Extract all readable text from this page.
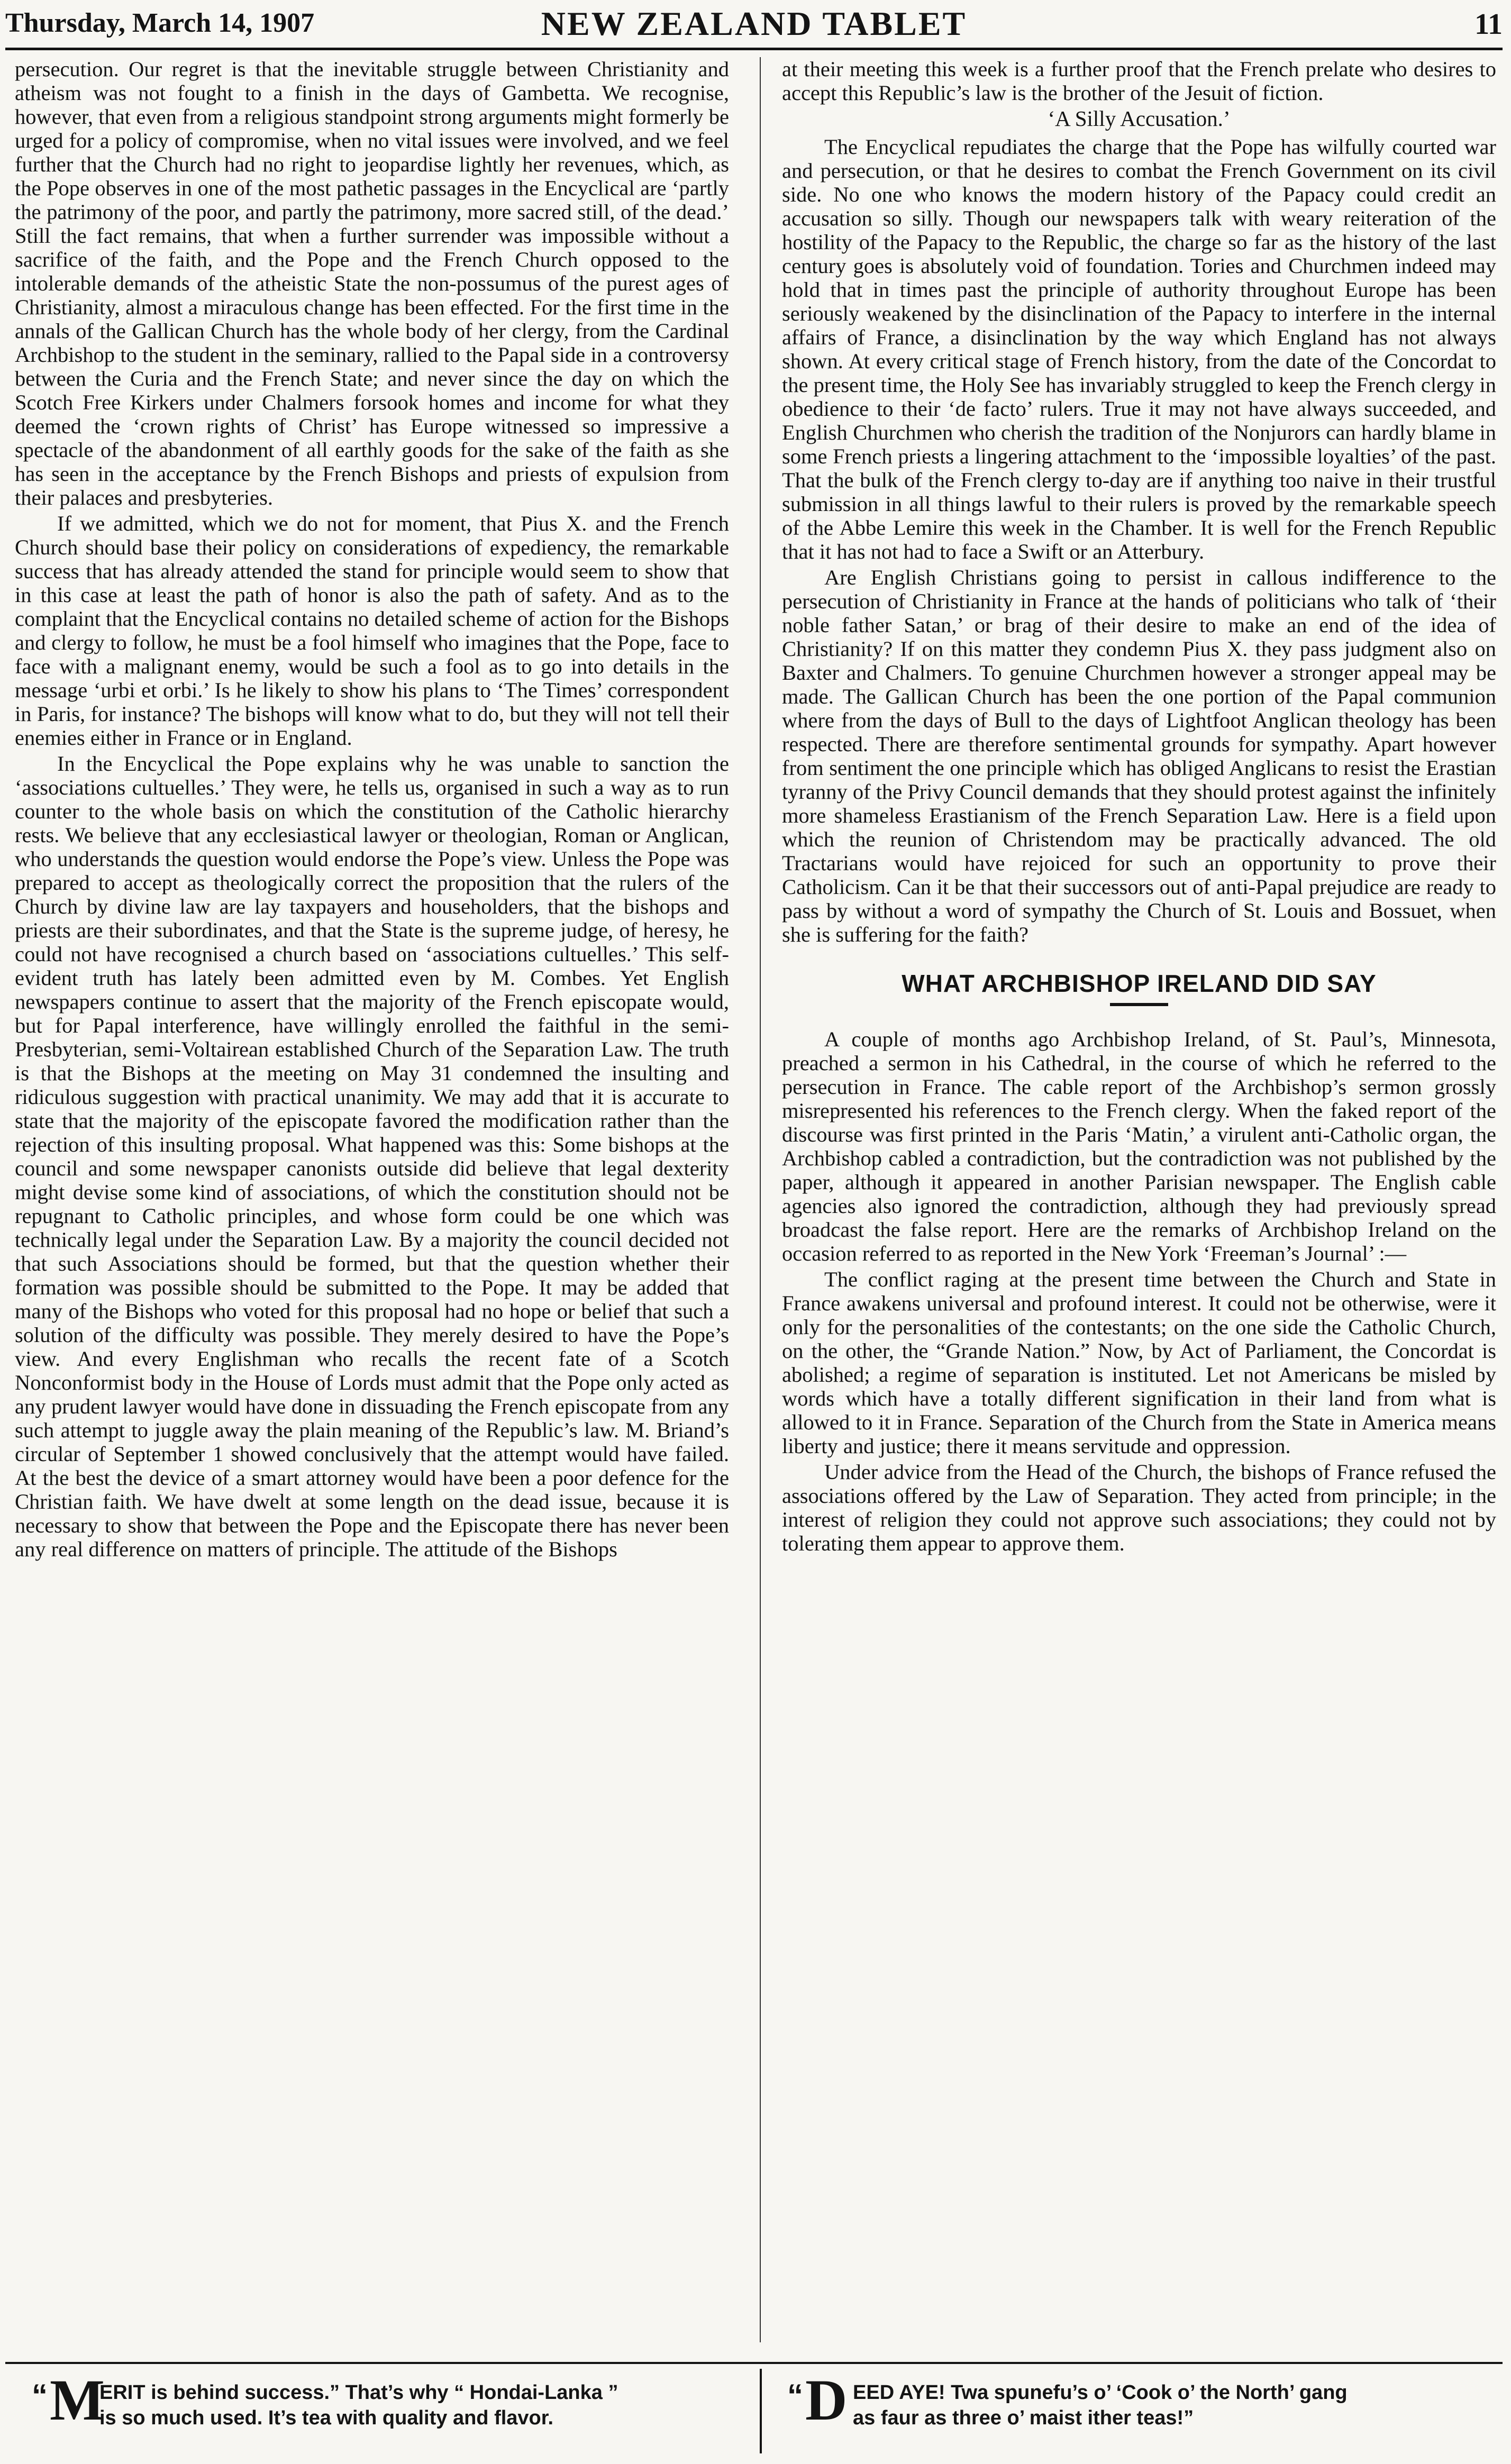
Thursday, March 14, 1907	NEW ZEALAND TABLET	11

persecution. Our regret is that the inevitable struggle between Christianity and atheism was not fought to a finish in the days of Gambetta. We recognise, however, that even from a religious standpoint strong arguments might formerly be urged for a policy of compromise, when no vital issues were involved, and we feel further that the Church had no right to jeopardise lightly her revenues, which, as the Pope observes in one of the most pathetic passages in the Encyclical are ‘partly the patrimony of the poor, and partly the patrimony, more sacred still, of the dead.’ Still the fact remains, that when a further surrender was impossible without a sacrifice of the faith, and the Pope and the French Church opposed to the intolerable demands of the atheistic State the non-possumus of the purest ages of Christianity, almost a miraculous change has been effected. For the first time in the annals of the Gallican Church has the whole body of her clergy, from the Cardinal Archbishop to the student in the seminary, rallied to the Papal side in a controversy between the Curia and the French State; and never since the day on which the Scotch Free Kirkers under Chalmers forsook homes and income for what they deemed the ‘crown rights of Christ’ has Europe witnessed so impressive a spectacle of the abandonment of all earthly goods for the sake of the faith as she has seen in the acceptance by the French Bishops and priests of expulsion from their palaces and presbyteries.

If we admitted, which we do not for moment, that Pius X. and the French Church should base their policy on considerations of expediency, the remarkable success that has already attended the stand for principle would seem to show that in this case at least the path of honor is also the path of safety. And as to the complaint that the Encyclical contains no detailed scheme of action for the Bishops and clergy to follow, he must be a fool himself who imagines that the Pope, face to face with a malignant enemy, would be such a fool as to go into details in the message ‘urbi et orbi.’ Is he likely to show his plans to ‘The Times’ correspondent in Paris, for instance? The bishops will know what to do, but they will not tell their enemies either in France or in England.

In the Encyclical the Pope explains why he was unable to sanction the ‘associations cultuelles.’ They were, he tells us, organised in such a way as to run counter to the whole basis on which the constitution of the Catholic hierarchy rests. We believe that any ecclesiastical lawyer or theologian, Roman or Anglican, who understands the question would endorse the Pope’s view. Unless the Pope was prepared to accept as theologically correct the proposition that the rulers of the Church by divine law are lay taxpayers and householders, that the bishops and priests are their subordinates, and that the State is the supreme judge, of heresy, he could not have recognised a church based on ‘associations cultuelles.’ This self-evident truth has lately been admitted even by M. Combes. Yet English newspapers continue to assert that the majority of the French episcopate would, but for Papal interference, have willingly enrolled the faithful in the semi-Presbyterian, semi-Voltairean established Church of the Separation Law. The truth is that the Bishops at the meeting on May 31 condemned the insulting and ridiculous suggestion with practical unanimity. We may add that it is accurate to state that the majority of the episcopate favored the modification rather than the rejection of this insulting proposal. What happened was this: Some bishops at the council and some newspaper canonists outside did believe that legal dexterity might devise some kind of associations, of which the constitution should not be repugnant to Catholic principles, and whose form could be one which was technically legal under the Separation Law. By a majority the council decided not that such Associations should be formed, but that the question whether their formation was possible should be submitted to the Pope. It may be added that many of the Bishops who voted for this proposal had no hope or belief that such a solution of the difficulty was possible. They merely desired to have the Pope’s view. And every Englishman who recalls the recent fate of a Scotch Nonconformist body in the House of Lords must admit that the Pope only acted as any prudent lawyer would have done in dissuading the French episcopate from any such attempt to juggle away the plain meaning of the Republic’s law. M. Briand’s circular of September 1 showed conclusively that the attempt would have failed. At the best the device of a smart attorney would have been a poor defence for the Christian faith. We have dwelt at some length on the dead issue, because it is necessary to show that between the Pope and the Episcopate there has never been any real difference on matters of principle. The attitude of the Bishops

at their meeting this week is a further proof that the French prelate who desires to accept this Republic’s law is the brother of the Jesuit of fiction.

‘A Silly Accusation.’

The Encyclical repudiates the charge that the Pope has wilfully courted war and persecution, or that he desires to combat the French Government on its civil side. No one who knows the modern history of the Papacy could credit an accusation so silly. Though our newspapers talk with weary reiteration of the hostility of the Papacy to the Republic, the charge so far as the history of the last century goes is absolutely void of foundation. Tories and Churchmen indeed may hold that in times past the principle of authority throughout Europe has been seriously weakened by the disinclination of the Papacy to interfere in the internal affairs of France, a disinclination by the way which England has not always shown. At every critical stage of French history, from the date of the Concordat to the present time, the Holy See has invariably struggled to keep the French clergy in obedience to their ‘de facto’ rulers. True it may not have always succeeded, and English Churchmen who cherish the tradition of the Nonjurors can hardly blame in some French priests a lingering attachment to the ‘impossible loyalties’ of the past. That the bulk of the French clergy to-day are if anything too naive in their trustful submission in all things lawful to their rulers is proved by the remarkable speech of the Abbe Lemire this week in the Chamber. It is well for the French Republic that it has not had to face a Swift or an Atterbury.

Are English Christians going to persist in callous indifference to the persecution of Christianity in France at the hands of politicians who talk of ‘their noble father Satan,’ or brag of their desire to make an end of the idea of Christianity? If on this matter they condemn Pius X. they pass judgment also on Baxter and Chalmers. To genuine Churchmen however a stronger appeal may be made. The Gallican Church has been the one portion of the Papal communion where from the days of Bull to the days of Lightfoot Anglican theology has been respected. There are therefore sentimental grounds for sympathy. Apart however from sentiment the one principle which has obliged Anglicans to resist the Erastian tyranny of the Privy Council demands that they should protest against the infinitely more shameless Erastianism of the French Separation Law. Here is a field upon which the reunion of Christendom may be practically advanced. The old Tractarians would have rejoiced for such an opportunity to prove their Catholicism. Can it be that their successors out of anti-Papal prejudice are ready to pass by without a word of sympathy the Church of St. Louis and Bossuet, when she is suffering for the faith?

WHAT ARCHBISHOP IRELAND DID SAY

A couple of months ago Archbishop Ireland, of St. Paul’s, Minnesota, preached a sermon in his Cathedral, in the course of which he referred to the persecution in France. The cable report of the Archbishop’s sermon grossly misrepresented his references to the French clergy. When the faked report of the discourse was first printed in the Paris ‘Matin,’ a virulent anti-Catholic organ, the Archbishop cabled a contradiction, but the contradiction was not published by the paper, although it appeared in another Parisian newspaper. The English cable agencies also ignored the contradiction, although they had previously spread broadcast the false report. Here are the remarks of Archbishop Ireland on the occasion referred to as reported in the New York ‘Freeman’s Journal’ :—

The conflict raging at the present time between the Church and State in France awakens universal and profound interest. It could not be otherwise, were it only for the personalities of the contestants; on the one side the Catholic Church, on the other, the “Grande Nation.” Now, by Act of Parliament, the Concordat is abolished; a regime of separation is instituted. Let not Americans be misled by words which have a totally different signification in their land from what is allowed to it in France. Separation of the Church from the State in America means liberty and justice; there it means servitude and oppression.

Under advice from the Head of the Church, the bishops of France refused the associations offered by the Law of Separation. They acted from principle; in the interest of religion they could not approve such associations; they could not by tolerating them appear to approve them.

“ M
ERIT is behind success.” That’s why “ Hondai-Lanka ”
is so much used. It’s tea with quality and flavor.
“ D EED AYE! Twa spunefu’s o’ ‘Cook o’ the North’ gang
as faur as three o’ maist ither teas!”
